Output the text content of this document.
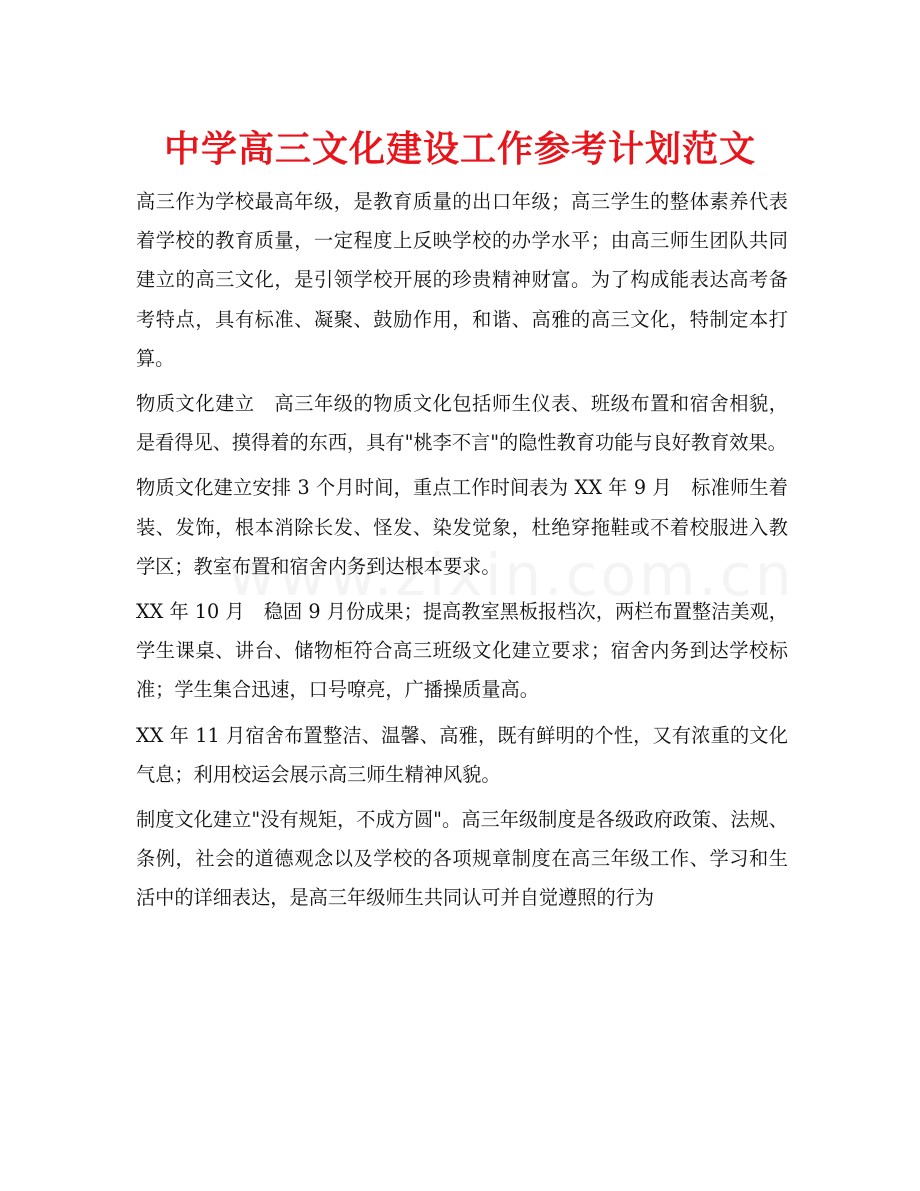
中学高三文化建设工作参考计划范文

高三作为学校最高年级，是教育质量的出口年级；高三学生的整体素养代表着学校的教育质量，一定程度上反映学校的办学水平；由高三师生团队共同建立的高三文化，是引领学校开展的珍贵精神财富。为了构成能表达高考备考特点，具有标准、凝聚、鼓励作用，和谐、高雅的高三文化，特制定本打算。

物质文化建立　高三年级的物质文化包括师生仪表、班级布置和宿舍相貌，是看得见、摸得着的东西，具有"桃李不言"的隐性教育功能与良好教育效果。

物质文化建立安排 3 个月时间，重点工作时间表为 XX 年 9 月　标准师生着装、发饰，根本消除长发、怪发、染发觉象，杜绝穿拖鞋或不着校服进入教学区；教室布置和宿舍内务到达根本要求。

XX 年 10 月　稳固 9 月份成果；提高教室黑板报档次，两栏布置整洁美观，学生课桌、讲台、储物柜符合高三班级文化建立要求；宿舍内务到达学校标准；学生集合迅速，口号嘹亮，广播操质量高。

XX 年 11 月宿舍布置整洁、温馨、高雅，既有鲜明的个性，又有浓重的文化气息；利用校运会展示高三师生精神风貌。

制度文化建立"没有规矩，不成方圆"。高三年级制度是各级政府政策、法规、条例，社会的道德观念以及学校的各项规章制度在高三年级工作、学习和生活中的详细表达，是高三年级师生共同认可并自觉遵照的行为
